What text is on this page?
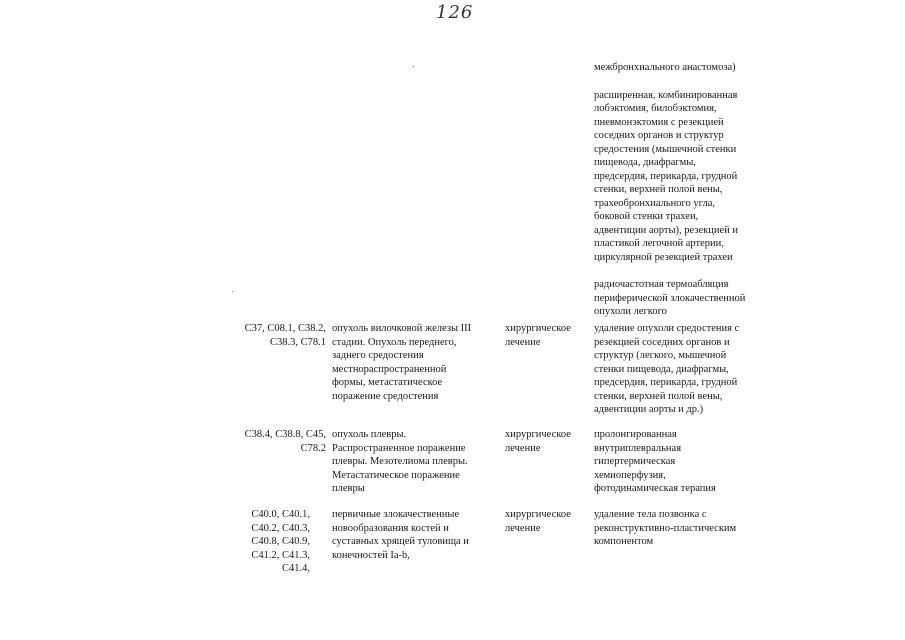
126
межбронхиального анастомоза)
расширенная, комбинированная
лобэктомия, билобэктомия,
пневмонэктомия с резекцией
соседних органов и структур
средостения (мышечной стенки
пищевода, диафрагмы,
предсердия, перикарда, грудной
стенки, верхней полой вены,
трахеобронхиального угла,
боковой стенки трахеи,
адвентиции аорты), резекцией и
пластикой легочной артерии,
циркулярной резекцией трахеи
радиочастотная термоабляция
периферической злокачественной
опухоли легкого
С37, С08.1, С38.2,
С38.3, С78.1
опухоль вилочковой железы III
стадии. Опухоль переднего,
заднего средостения
местнораспространенной
формы, метастатическое
поражение средостения
хирургическое
лечение
удаление опухоли средостения с
резекцией соседних органов и
структур (легкого, мышечной
стенки пищевода, диафрагмы,
предсердия, перикарда, грудной
стенки, верхней полой вены,
адвентиции аорты и др.)
С38.4, С38.8, С45,
С78.2
опухоль плевры.
Распространенное поражение
плевры. Мезотелиома плевры.
Метастатическое поражение
плевры
хирургическое
лечение
пролонгированная
внутриплевральная
гипертермическая
хемиоперфузия,
фотодинамическая терапия
С40.0, С40.1,
С40.2, С40.3,
С40.8, С40.9,
С41.2, С41.3,
С41.4,
первичные злокачественные
новообразования костей и
суставных хрящей туловища и
конечностей Ia-b,
хирургическое
лечение
удаление тела позвонка с
реконструктивно-пластическим
компонентом
